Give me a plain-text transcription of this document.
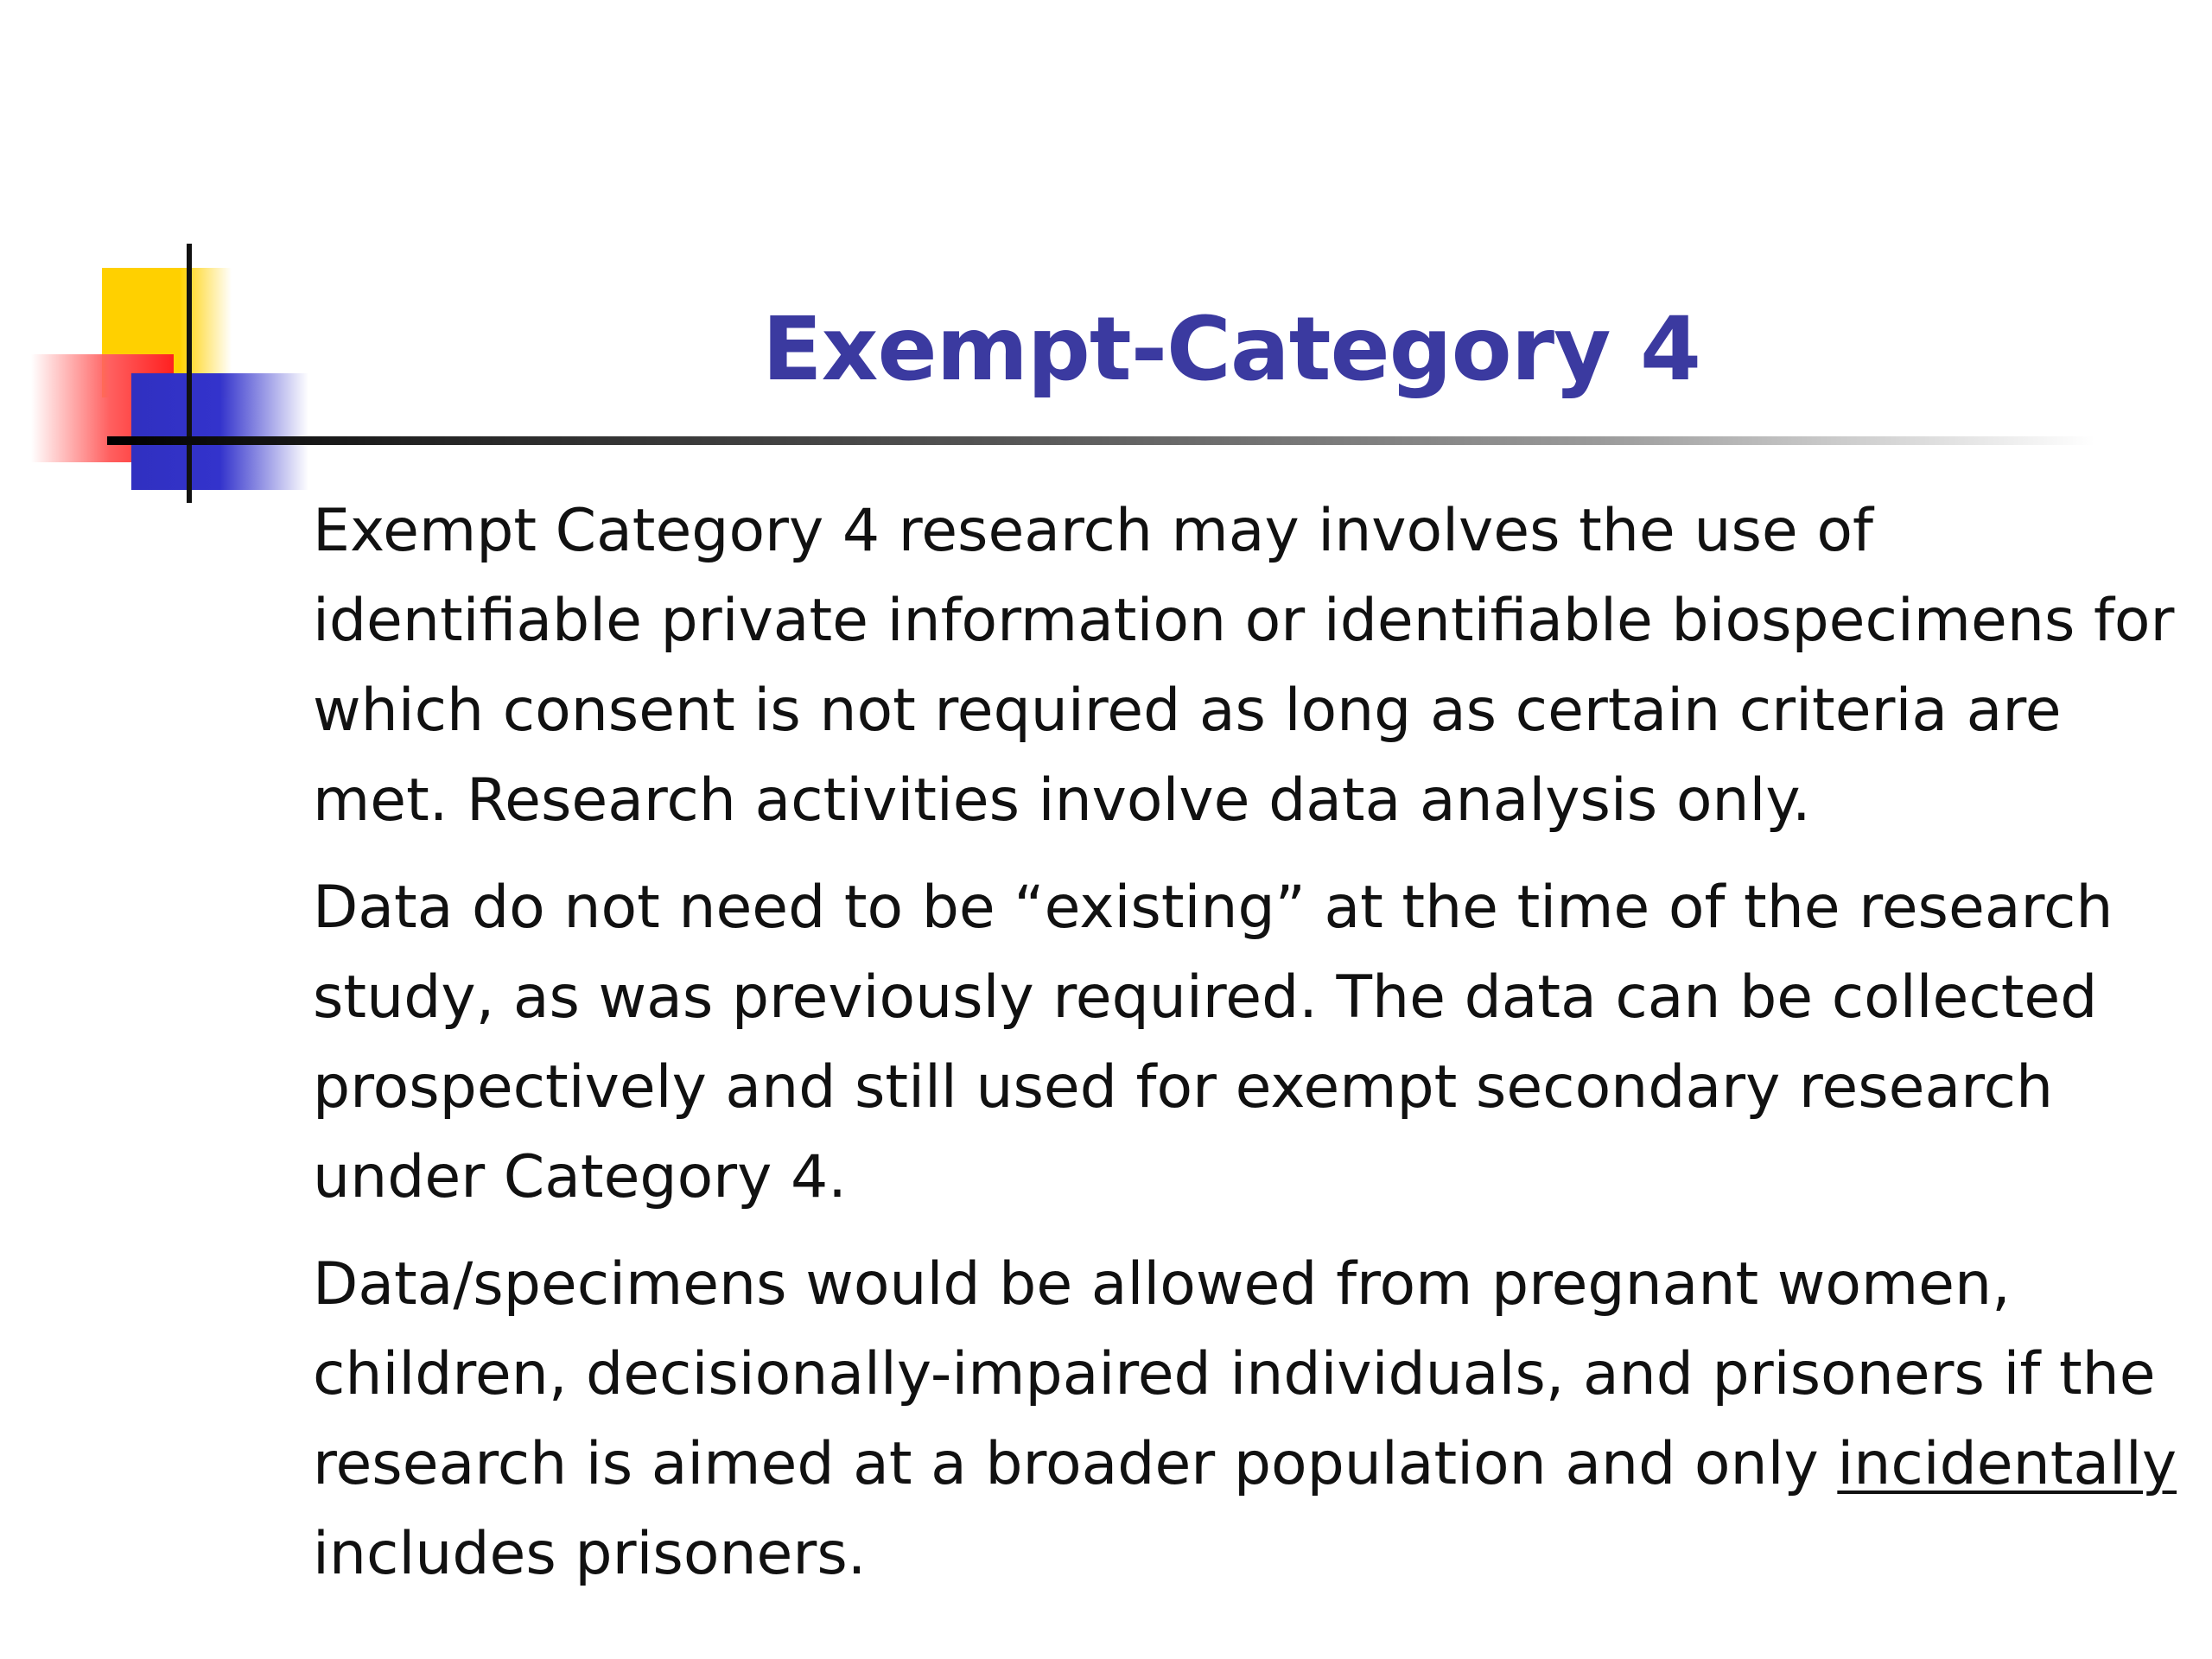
Exempt-Category 4

Exempt Category 4 research may involves the use of identifiable private information or identifiable biospecimens for which consent is not required as long as certain criteria are met. Research activities involve data analysis only.

Data do not need to be “existing” at the time of the research study, as was previously required. The data can be collected prospectively and still used for exempt secondary research under Category 4.

Data/specimens would be allowed from pregnant women, children, decisionally-impaired individuals, and prisoners if the research is aimed at a broader population and only incidentally includes prisoners.
